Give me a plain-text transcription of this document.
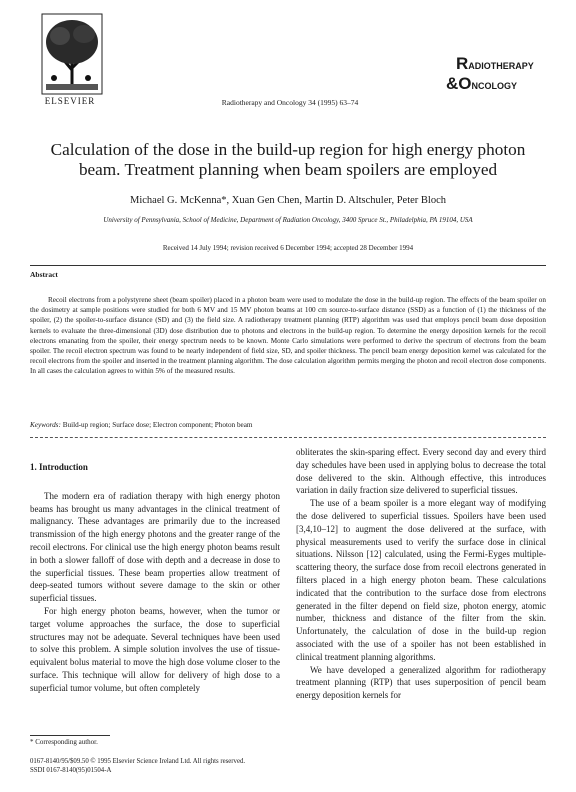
ELSEVIER	Radiotherapy and Oncology 34 (1995) 63–74
RADIOTHERAPY
&ONCOLOGY
Calculation of the dose in the build-up region for high energy photon beam. Treatment planning when beam spoilers are employed
Michael G. McKenna*, Xuan Gen Chen, Martin D. Altschuler, Peter Bloch
University of Pennsylvania, School of Medicine, Department of Radiation Oncology, 3400 Spruce St., Philadelphia, PA 19104, USA
Received 14 July 1994; revision received 6 December 1994; accepted 28 December 1994
Abstract
Recoil electrons from a polystyrene sheet (beam spoiler) placed in a photon beam were used to modulate the dose in the build-up region. The effects of the beam spoiler on the dosimetry at sample positions were studied for both 6 MV and 15 MV photon beams at 100 cm source-to-surface distance (SSD) as a function of (1) the thickness of the spoiler, (2) the spoiler-to-surface distance (SD) and (3) the field size. A radiotherapy treatment planning (RTP) algorithm was used that employs pencil beam dose deposition kernels to evaluate the three-dimensional (3D) dose distribution due to photons and electrons in the build-up region. To determine the energy deposition kernels for the recoil electrons emanating from the spoiler, their energy spectrum needs to be known. Monte Carlo simulations were performed to derive the spectrum of electrons from the beam spoiler. The recoil electron spectrum was found to be nearly independent of field size, SD, and spoiler thickness. The pencil beam energy deposition kernel was calculated for the recoil electrons from the spoiler and inserted in the treatment planning algorithm. The dose calculation algorithm permits merging the photon and recoil electron dose components. In all cases the calculation agrees to within 5% of the measured results.
Keywords: Build-up region; Surface dose; Electron component; Photon beam

1. Introduction

The modern era of radiation therapy with high energy photon beams has brought us many advantages in the clinical treatment of malignancy. These advantages are primarily due to the increased transmission of the high energy photons and the greater range of the recoil electrons. For clinical use the high energy photon beams result in both a slower falloff of dose with depth and a decrease in dose to the superficial tissues. These beam properties allow treatment of deep-seated tumors without severe damage to the skin or other superficial tissues.

For high energy photon beams, however, when the tumor or target volume approaches the surface, the dose to superficial structures may not be adequate. Several techniques have been used to solve this problem. A simple solution involves the use of tissue-equivalent bolus material to move the high dose volume closer to the surface. This technique will allow for delivery of high dose to a superficial tumor volume, but often completely

obliterates the skin-sparing effect. Every second day and every third day schedules have been used in applying bolus to decrease the total dose delivered to the skin. Although effective, this introduces variation in daily fraction size delivered to superficial tissues.

The use of a beam spoiler is a more elegant way of modifying the dose delivered to superficial tissues. Spoilers have been used [3,4,10–12] to augment the dose delivered at the surface, with physical measurements used to verify the surface dose in clinical situations. Nilsson [12] calculated, using the Fermi-Eyges multiple-scattering theory, the surface dose from recoil electrons generated in filters placed in a high energy photon beam. These calculations indicated that the contribution to the surface dose from electrons generated in the filter depend on field size, photon energy, atomic number, thickness and distance of the filter from the skin. Unfortunately, the calculation of dose in the build-up region associated with the use of a spoiler has not been established in clinical treatment planning algorithms.

We have developed a generalized algorithm for radiotherapy treatment planning (RTP) that uses superposition of pencil beam energy deposition kernels for

* Corresponding author.
0167-8140/95/$09.50 © 1995 Elsevier Science Ireland Ltd. All rights reserved.
SSDI 0167-8140(95)01504-A
